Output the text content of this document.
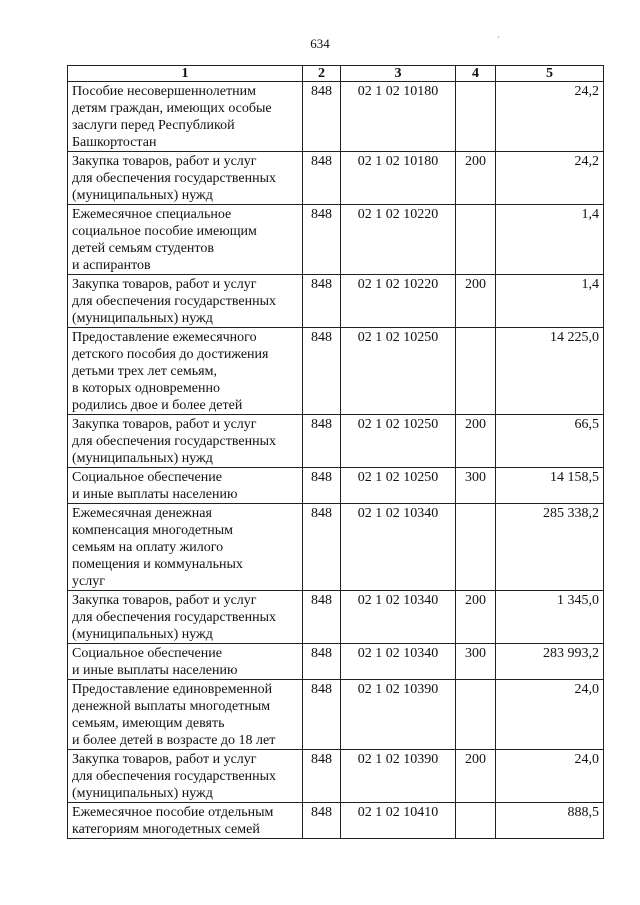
634	·
1	2	3	4	5
Пособие несовершеннолетним
детям граждан, имеющих особые
заслуги перед Республикой
Башкортостан	848	02 1 02 10180		24,2
Закупка товаров, работ и услуг
для обеспечения государственных
(муниципальных) нужд	848	02 1 02 10180	200	24,2
Ежемесячное специальное
социальное пособие имеющим
детей семьям студентов
и аспирантов	848	02 1 02 10220		1,4
Закупка товаров, работ и услуг
для обеспечения государственных
(муниципальных) нужд	848	02 1 02 10220	200	1,4
Предоставление ежемесячного
детского пособия до достижения
детьми трех лет семьям,
в которых одновременно
родились двое и более детей	848	02 1 02 10250		14 225,0
Закупка товаров, работ и услуг
для обеспечения государственных
(муниципальных) нужд	848	02 1 02 10250	200	66,5
Социальное обеспечение
и иные выплаты населению	848	02 1 02 10250	300	14 158,5
Ежемесячная денежная
компенсация многодетным
семьям на оплату жилого
помещения и коммунальных
услуг	848	02 1 02 10340		285 338,2
Закупка товаров, работ и услуг
для обеспечения государственных
(муниципальных) нужд	848	02 1 02 10340	200	1 345,0
Социальное обеспечение
и иные выплаты населению	848	02 1 02 10340	300	283 993,2
Предоставление единовременной
денежной выплаты многодетным
семьям, имеющим девять
и более детей в возрасте до 18 лет	848	02 1 02 10390		24,0
Закупка товаров, работ и услуг
для обеспечения государственных
(муниципальных) нужд	848	02 1 02 10390	200	24,0
Ежемесячное пособие отдельным
категориям многодетных семей	848	02 1 02 10410		888,5
